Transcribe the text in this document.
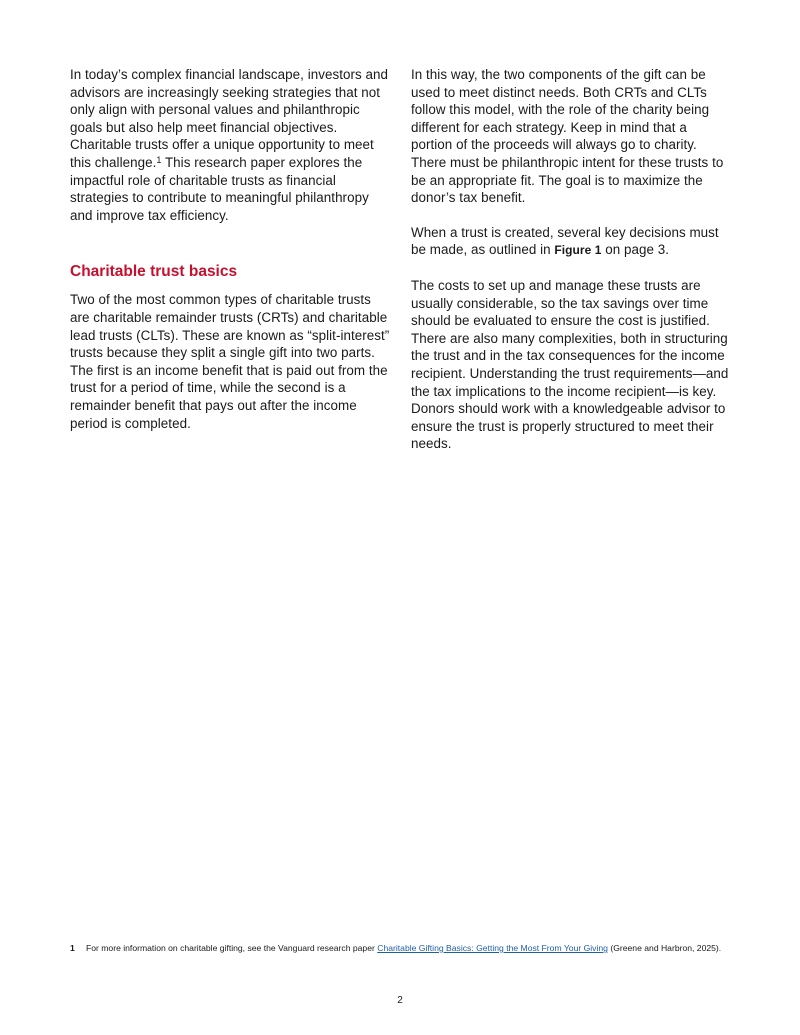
In today’s complex financial landscape, investors and advisors are increasingly seeking strategies that not only align with personal values and philanthropic goals but also help meet financial objectives. Charitable trusts offer a unique opportunity to meet this challenge.$^1$ This research paper explores the impactful role of charitable trusts as financial strategies to contribute to meaningful philanthropy and improve tax efficiency.

Charitable trust basics

Two of the most common types of charitable trusts are charitable remainder trusts (CRTs) and charitable lead trusts (CLTs). These are known as “split-interest” trusts because they split a single gift into two parts. The first is an income benefit that is paid out from the trust for a period of time, while the second is a remainder benefit that pays out after the income period is completed.

In this way, the two components of the gift can be used to meet distinct needs. Both CRTs and CLTs follow this model, with the role of the charity being different for each strategy. Keep in mind that a portion of the proceeds will always go to charity. There must be philanthropic intent for these trusts to be an appropriate fit. The goal is to maximize the donor’s tax benefit.

When a trust is created, several key decisions must be made, as outlined in Figure 1 on page 3.

The costs to set up and manage these trusts are usually considerable, so the tax savings over time should be evaluated to ensure the cost is justified. There are also many complexities, both in structuring the trust and in the tax consequences for the income recipient. Understanding the trust requirements—and the tax implications to the income recipient—is key. Donors should work with a knowledgeable advisor to ensure the trust is properly structured to meet their needs.

1 For more information on charitable gifting, see the Vanguard research paper Charitable Gifting Basics: Getting the Most From Your Giving (Greene and Harbron, 2025).
2
